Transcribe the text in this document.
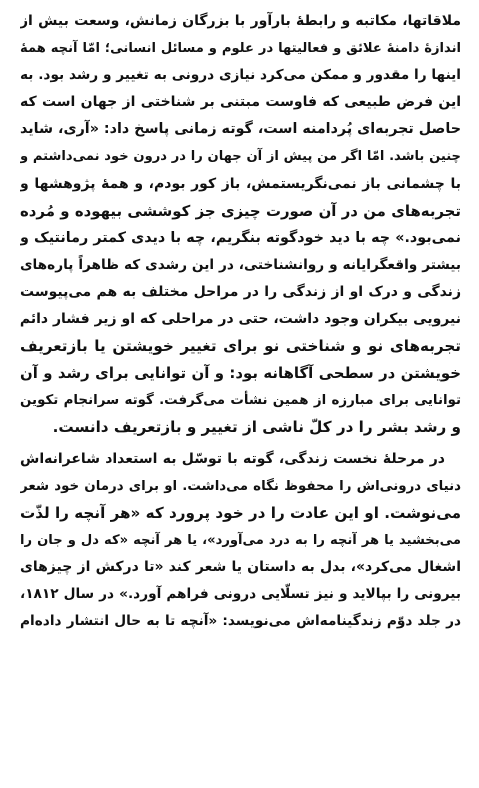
ملاقاتها، مکاتبه و رابطهٔ بارآور با بزرگان زمانش، وسعت بیش از
اندازهٔ دامنهٔ علائق و فعالیتها در علوم و مسائل انسانی؛ امّا آنچه همهٔ
اینها را مقدور و ممکن می‌کرد نیازی درونی به تغییر و رشد بود. به
این فرض طبیعی که فاوست مبتنی بر شناختی از جهان است که
حاصل تجربه‌ای پُردامنه است، گوته زمانی پاسخ داد: «آری، شاید
چنین باشد. امّا اگر من پیش از آن جهان را در درون خود نمی‌داشتم و
با چشمانی باز نمی‌نگریستمش، باز کور بودم، و همهٔ پژوهشها و
تجربه‌های من در آن صورت چیزی جز کوششی بیهوده و مُرده
نمی‌بود.» چه با دید خودگوته بنگریم، چه با دیدی کمتر رمانتیک و
بیشتر واقعگرایانه و روانشناختی، در این رشدی که ظاهراً پاره‌های
زندگی و درک او از زندگی را در مراحل مختلف به هم می‌پیوست
نیرویی بیکران وجود داشت، حتی در مراحلی که او زیر فشار دائم
تجربه‌های نو و شناختی نو برای تغییر خویشتن یا بازتعریف
خویشتن در سطحی آگاهانه بود: و آن توانایی برای رشد و آن
توانایی برای مبارزه از همین نشأت می‌گرفت. گوته سرانجام تکوین
و رشد بشر را در کلّ ناشی از تغییر و بازتعریف دانست.
در مرحلهٔ نخست زندگی، گوته با توسّل به استعداد شاعرانه‌اش
دنیای درونی‌اش را محفوظ نگاه می‌داشت. او برای درمان خود شعر
می‌نوشت. او این عادت را در خود پرورد که «هر آنچه را لذّت
می‌بخشید یا هر آنچه را به درد می‌آورد»، یا هر آنچه «که دل و جان را
اشغال می‌کرد»، بدل به داستان یا شعر کند «تا درکش از چیزهای
بیرونی را بپالاید و نیز تسلّایی درونی فراهم آورد.» در سال ۱۸۱۲،
در جلد دوّم زندگینامه‌اش می‌نویسد: «آنچه تا به حال انتشار داده‌ام
